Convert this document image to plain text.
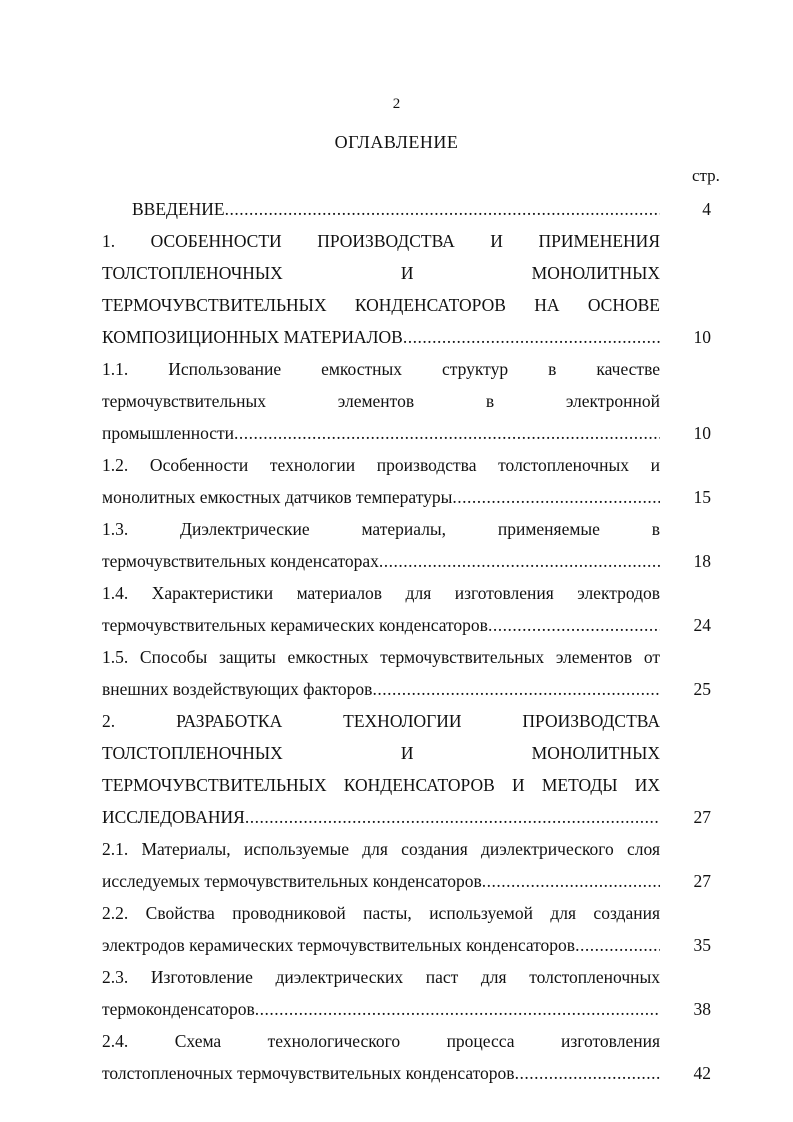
2
ОГЛАВЛЕНИЕ
стр.
ВВЕДЕНИЕ .....	4
1. ОСОБЕННОСТИ ПРОИЗВОДСТВА И ПРИМЕНЕНИЯ
ТОЛСТОПЛЕНОЧНЫХ И МОНОЛИТНЫХ
ТЕРМОЧУВСТВИТЕЛЬНЫХ КОНДЕНСАТОРОВ НА ОСНОВЕ
КОМПОЗИЦИОННЫХ МАТЕРИАЛОВ .....	10
1.1. Использование емкостных структур в качестве
термочувствительных элементов в электронной
промышленности .....	10
1.2. Особенности технологии производства толстопленочных и
монолитных емкостных датчиков температуры .....	15
1.3. Диэлектрические материалы, применяемые в
термочувствительных конденсаторах .....	18
1.4. Характеристики материалов для изготовления электродов
термочувствительных керамических конденсаторов .....	24
1.5. Способы защиты емкостных термочувствительных элементов от
внешних воздействующих факторов .....	25
2. РАЗРАБОТКА ТЕХНОЛОГИИ ПРОИЗВОДСТВА
ТОЛСТОПЛЕНОЧНЫХ И МОНОЛИТНЫХ
ТЕРМОЧУВСТВИТЕЛЬНЫХ КОНДЕНСАТОРОВ И МЕТОДЫ ИХ
ИССЛЕДОВАНИЯ .....	27
2.1. Материалы, используемые для создания диэлектрического слоя
исследуемых термочувствительных конденсаторов .....	27
2.2. Свойства проводниковой пасты, используемой для создания
электродов керамических термочувствительных конденсаторов .....	35
2.3. Изготовление диэлектрических паст для толстопленочных
термоконденсаторов .....	38
2.4. Схема технологического процесса изготовления
толстопленочных термочувствительных конденсаторов .....	42
